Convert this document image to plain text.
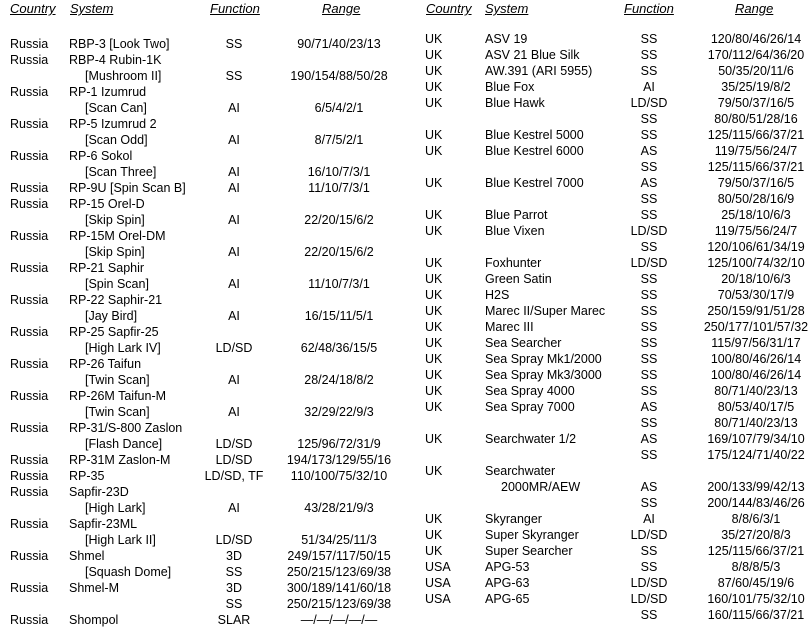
Country System	Function	Range
Russia RBP-3 [Look Two]	SS	90/71/40/23/13
Russia RBP-4 Rubin-1K
[Mushroom II]	SS	190/154/88/50/28
Russia RP-1 Izumrud
[Scan Can]	AI	6/5/4/2/1
Russia RP-5 Izumrud 2
[Scan Odd]	AI	8/7/5/2/1
Russia RP-6 Sokol
[Scan Three]	AI	16/10/7/3/1
Russia RP-9U [Spin Scan B]	AI	11/10/7/3/1
Russia RP-15 Orel-D
[Skip Spin]	AI	22/20/15/6/2
Russia RP-15M Orel-DM
[Skip Spin]	AI	22/20/15/6/2
Russia RP-21 Saphir
[Spin Scan]	AI	11/10/7/3/1
Russia RP-22 Saphir-21
[Jay Bird]	AI	16/15/11/5/1
Russia RP-25 Sapfir-25
[High Lark IV]	LD/SD	62/48/36/15/5
Russia RP-26 Taifun
[Twin Scan]	AI	28/24/18/8/2
Russia RP-26M Taifun-M
[Twin Scan]	AI	32/29/22/9/3
Russia RP-31/S-800 Zaslon
[Flash Dance]	LD/SD	125/96/72/31/9
Russia RP-31M Zaslon-M	LD/SD	194/173/129/55/16
Russia RP-35	LD/SD, TF 110/100/75/32/10
Russia Sapfir-23D
[High Lark]	AI	43/28/21/9/3
Russia Sapfir-23ML
[High Lark II]	LD/SD	51/34/25/11/3
Russia Shmel	3D	249/157/117/50/15
[Squash Dome]	SS	250/215/123/69/38
Russia Shmel-M	3D	300/189/141/60/18
SS	250/215/123/69/38
Russia Shompol	SLAR	—/—/—/—/—
Country System	Function	Range
UK	ASV 19	SS	120/80/46/26/14
UK	ASV 21 Blue Silk	SS	170/112/64/36/20
UK	AW.391 (ARI 5955)	SS	50/35/20/11/6
UK	Blue Fox	AI	35/25/19/8/2
UK	Blue Hawk	LD/SD	79/50/37/16/5
SS	80/80/51/28/16
UK	Blue Kestrel 5000	SS	125/115/66/37/21
UK	Blue Kestrel 6000	AS	119/75/56/24/7
SS	125/115/66/37/21
UK	Blue Kestrel 7000	AS	79/50/37/16/5
SS	80/50/28/16/9
UK	Blue Parrot	SS	25/18/10/6/3
UK	Blue Vixen	LD/SD	119/75/56/24/7
SS	120/106/61/34/19
UK	Foxhunter	LD/SD	125/100/74/32/10
UK	Green Satin	SS	20/18/10/6/3
UK	H2S	SS	70/53/30/17/9
UK	Marec II/Super Marec	SS	250/159/91/51/28
UK	Marec III	SS	250/177/101/57/32
UK	Sea Searcher	SS	115/97/56/31/17
UK	Sea Spray Mk1/2000	SS	100/80/46/26/14
UK	Sea Spray Mk3/3000	SS	100/80/46/26/14
UK	Sea Spray 4000	SS	80/71/40/23/13
UK	Sea Spray 7000	AS	80/53/40/17/5
SS	80/71/40/23/13
UK	Searchwater 1/2	AS	169/107/79/34/10
SS	175/124/71/40/22
UK	Searchwater
2000MR/AEW	AS	200/133/99/42/13
SS	200/144/83/46/26
UK	Skyranger	AI	8/8/6/3/1
UK	Super Skyranger	LD/SD	35/27/20/8/3
UK	Super Searcher	SS	125/115/66/37/21
USA	APG-53	SS	8/8/8/5/3
USA	APG-63	LD/SD	87/60/45/19/6
USA	APG-65	LD/SD	160/101/75/32/10
SS	160/115/66/37/21
